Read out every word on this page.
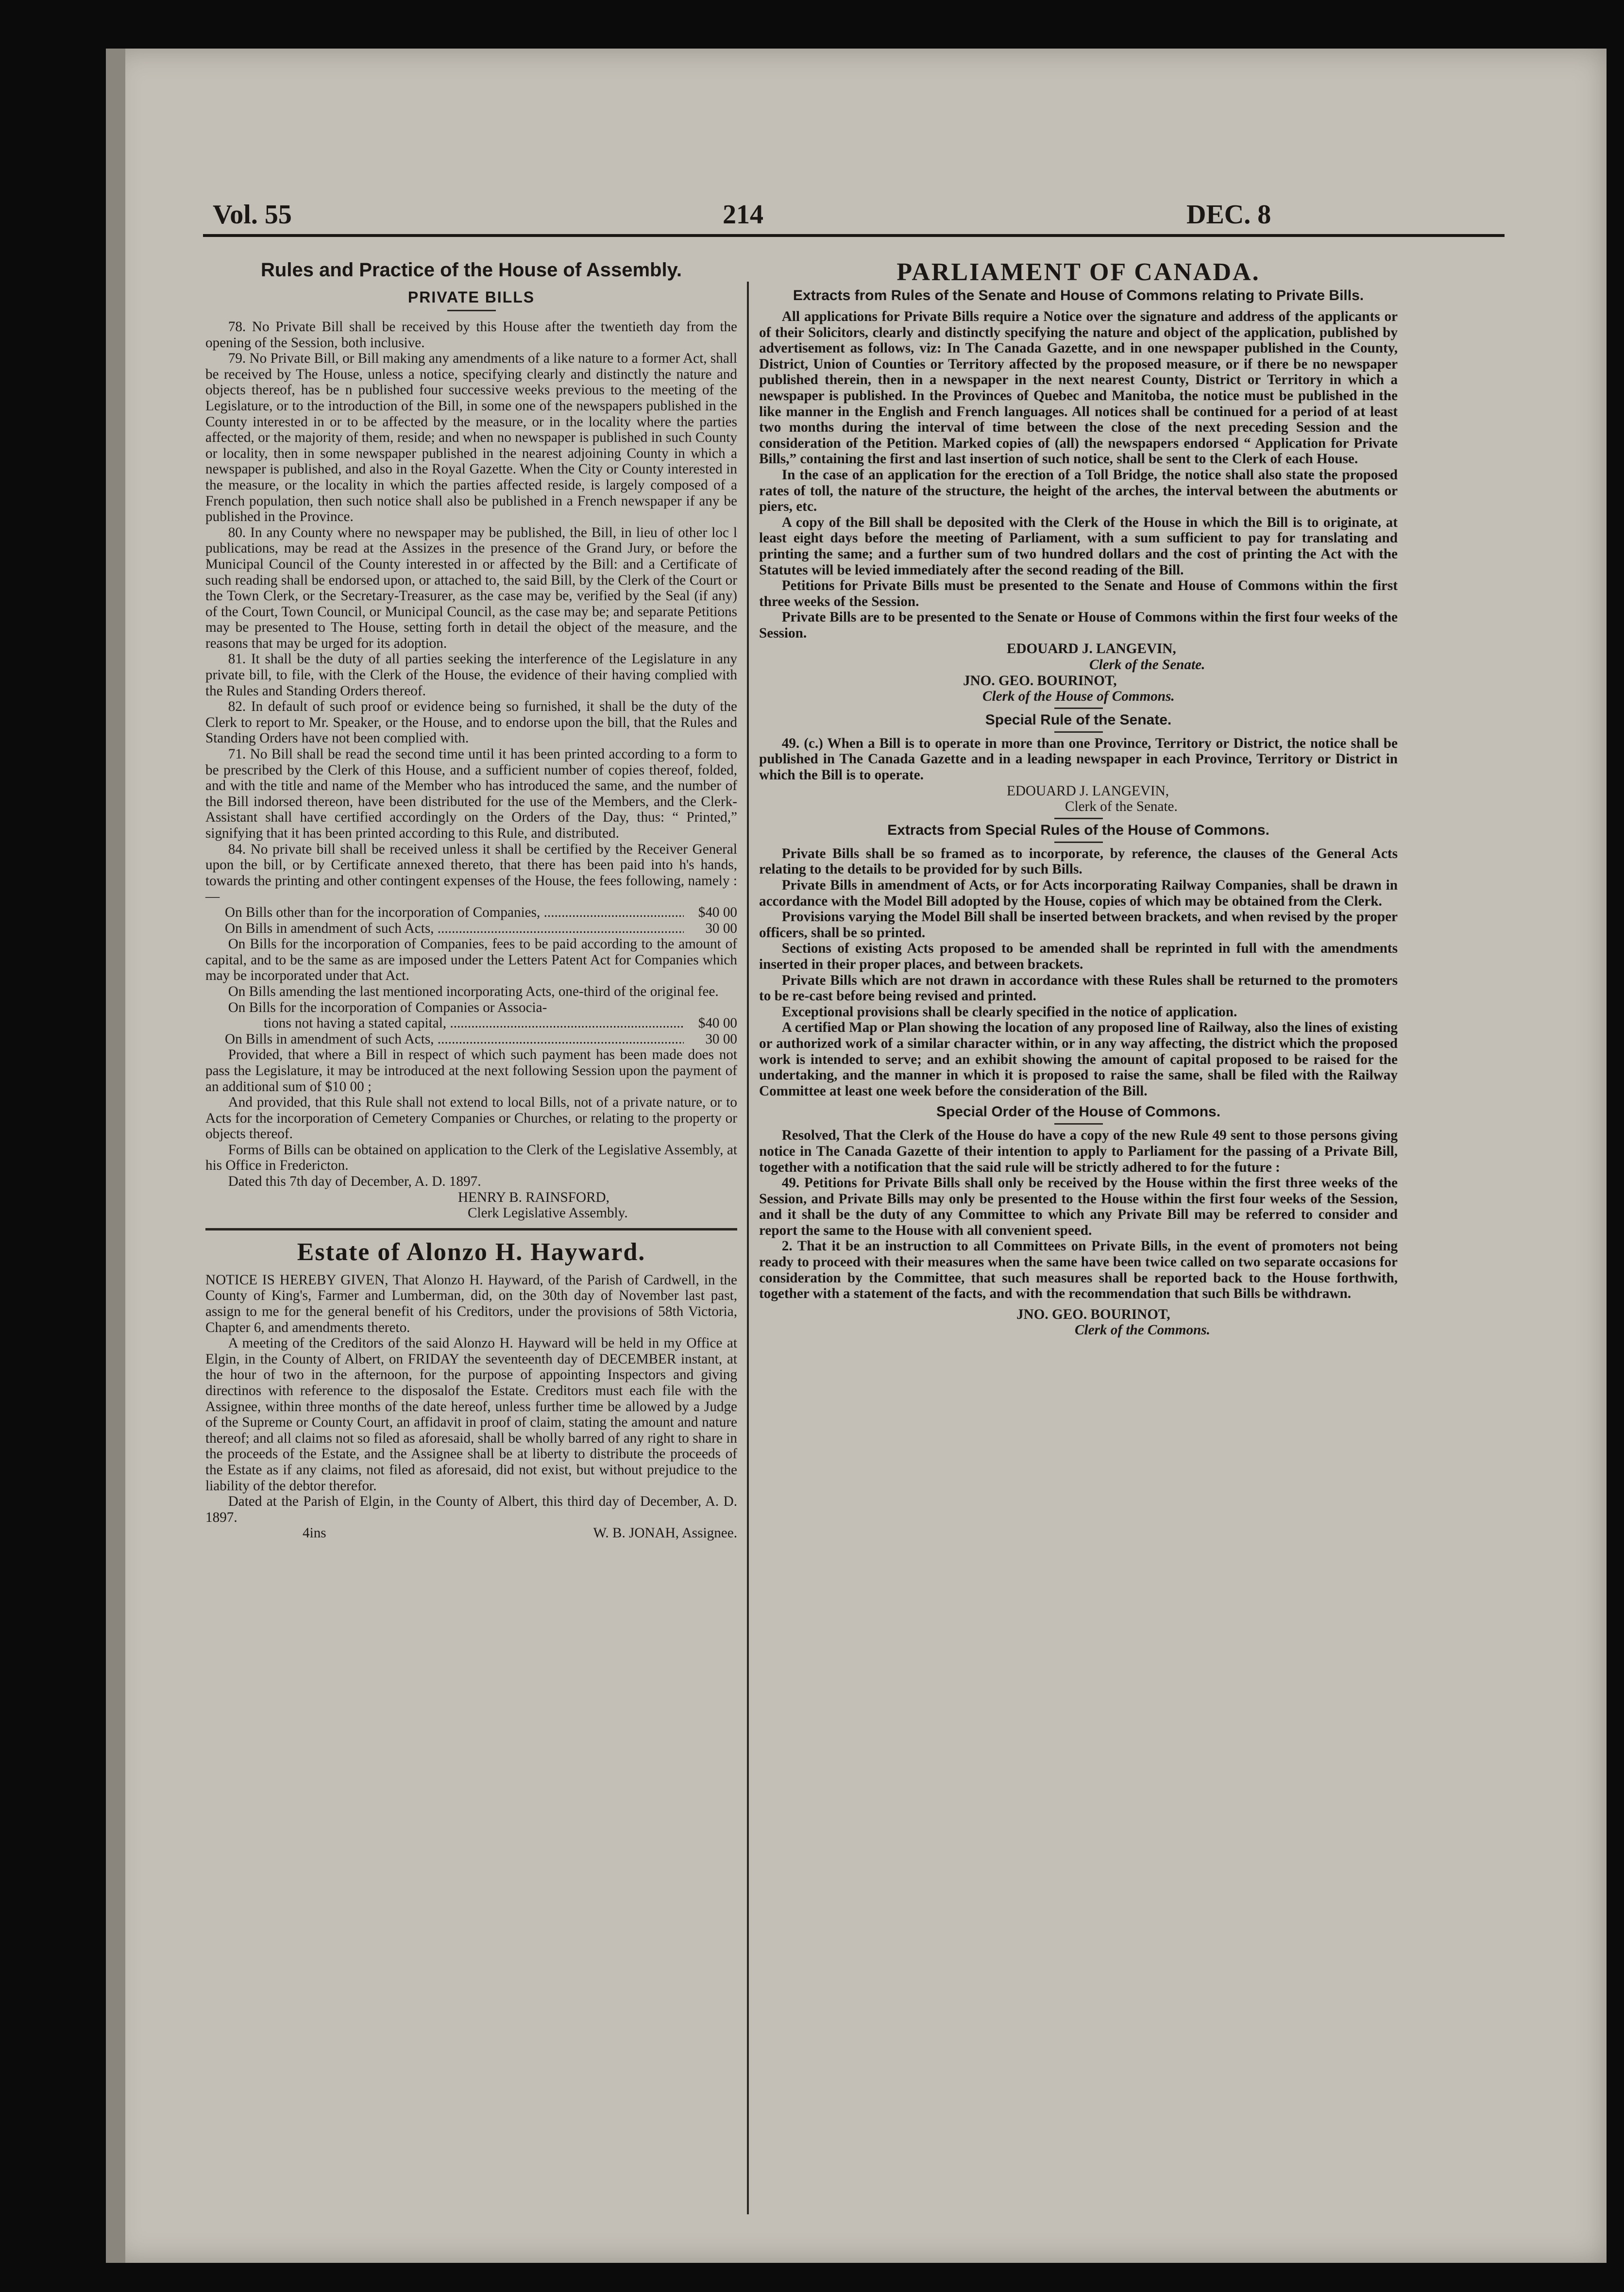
Vol. 55	214	DEC. 8
Rules and Practice of the House of Assembly.
PRIVATE BILLS

78. No Private Bill shall be received by this House after the twentieth day from the opening of the Session, both inclusive.

79. No Private Bill, or Bill making any amendments of a like nature to a former Act, shall be received by The House, unless a notice, specifying clearly and distinctly the nature and objects thereof, has be n published four successive weeks previous to the meeting of the Legislature, or to the introduction of the Bill, in some one of the newspapers published in the County interested in or to be affected by the measure, or in the locality where the parties affected, or the majority of them, reside; and when no newspaper is published in such County or locality, then in some newspaper published in the nearest adjoining County in which a newspaper is published, and also in the Royal Gazette. When the City or County interested in the measure, or the locality in which the parties affected reside, is largely composed of a French population, then such notice shall also be published in a French newspaper if any be published in the Province.

80. In any County where no newspaper may be published, the Bill, in lieu of other loc l publications, may be read at the Assizes in the presence of the Grand Jury, or before the Municipal Council of the County interested in or affected by the Bill: and a Certificate of such reading shall be endorsed upon, or attached to, the said Bill, by the Clerk of the Court or the Town Clerk, or the Secretary-Treasurer, as the case may be, verified by the Seal (if any) of the Court, Town Council, or Municipal Council, as the case may be; and separate Petitions may be presented to The House, setting forth in detail the object of the measure, and the reasons that may be urged for its adoption.

81. It shall be the duty of all parties seeking the interference of the Legislature in any private bill, to file, with the Clerk of the House, the evidence of their having complied with the Rules and Standing Orders thereof.

82. In default of such proof or evidence being so furnished, it shall be the duty of the Clerk to report to Mr. Speaker, or the House, and to endorse upon the bill, that the Rules and Standing Orders have not been complied with.

71. No Bill shall be read the second time until it has been printed according to a form to be prescribed by the Clerk of this House, and a sufficient number of copies thereof, folded, and with the title and name of the Member who has introduced the same, and the number of the Bill indorsed thereon, have been distributed for the use of the Members, and the Clerk-Assistant shall have certified accordingly on the Orders of the Day, thus: “ Printed,” signifying that it has been printed according to this Rule, and distributed.

84. No private bill shall be received unless it shall be certified by the Receiver General upon the bill, or by Certificate annexed thereto, that there has been paid into h's hands, towards the printing and other contingent expenses of the House, the fees following, namely :—

On Bills other than for the incorporation of Companies, .....	$40 00
On Bills in amendment of such Acts, .....	30 00

On Bills for the incorporation of Companies, fees to be paid according to the amount of capital, and to be the same as are imposed under the Letters Patent Act for Companies which may be incorporated under that Act.

On Bills amending the last mentioned incorporating Acts, one-third of the original fee.

On Bills for the incorporation of Companies or Associa-

tions not having a stated capital, .....	$40 00
On Bills in amendment of such Acts, .....	30 00

Provided, that where a Bill in respect of which such payment has been made does not pass the Legislature, it may be introduced at the next following Session upon the payment of an additional sum of $10 00 ;

And provided, that this Rule shall not extend to local Bills, not of a private nature, or to Acts for the incorporation of Cemetery Companies or Churches, or relating to the property or objects thereof.

Forms of Bills can be obtained on application to the Clerk of the Legislative Assembly, at his Office in Fredericton.

Dated this 7th day of December, A. D. 1897.

HENRY B. RAINSFORD,
Clerk Legislative Assembly.
Estate of Alonzo H. Hayward.

NOTICE IS HEREBY GIVEN, That Alonzo H. Hayward, of the Parish of Cardwell, in the County of King's, Farmer and Lumberman, did, on the 30th day of November last past, assign to me for the general benefit of his Creditors, under the provisions of 58th Victoria, Chapter 6, and amendments thereto.

A meeting of the Creditors of the said Alonzo H. Hayward will be held in my Office at Elgin, in the County of Albert, on FRIDAY the seventeenth day of DECEMBER instant, at the hour of two in the afternoon, for the purpose of appointing Inspectors and giving directinos with reference to the disposalof the Estate. Creditors must each file with the Assignee, within three months of the date hereof, unless further time be allowed by a Judge of the Supreme or County Court, an affidavit in proof of claim, stating the amount and nature thereof; and all claims not so filed as aforesaid, shall be wholly barred of any right to share in the proceeds of the Estate, and the Assignee shall be at liberty to distribute the proceeds of the Estate as if any claims, not filed as aforesaid, did not exist, but without prejudice to the liability of the debtor therefor.

Dated at the Parish of Elgin, in the County of Albert, this third day of December, A. D. 1897.

4ins	W. B. JONAH, Assignee.
PARLIAMENT OF CANADA.
Extracts from Rules of the Senate and House of Commons relating to Private Bills.

All applications for Private Bills require a Notice over the signature and address of the applicants or of their Solicitors, clearly and distinctly specifying the nature and object of the application, published by advertisement as follows, viz: In The Canada Gazette, and in one newspaper published in the County, District, Union of Counties or Territory affected by the proposed measure, or if there be no newspaper published therein, then in a newspaper in the next nearest County, District or Territory in which a newspaper is published. In the Provinces of Quebec and Manitoba, the notice must be published in the like manner in the English and French languages. All notices shall be continued for a period of at least two months during the interval of time between the close of the next preceding Session and the consideration of the Petition. Marked copies of (all) the newspapers endorsed “ Application for Private Bills,” containing the first and last insertion of such notice, shall be sent to the Clerk of each House.

In the case of an application for the erection of a Toll Bridge, the notice shall also state the proposed rates of toll, the nature of the structure, the height of the arches, the interval between the abutments or piers, etc.

A copy of the Bill shall be deposited with the Clerk of the House in which the Bill is to originate, at least eight days before the meeting of Parliament, with a sum sufficient to pay for translating and printing the same; and a further sum of two hundred dollars and the cost of printing the Act with the Statutes will be levied immediately after the second reading of the Bill.

Petitions for Private Bills must be presented to the Senate and House of Commons within the first three weeks of the Session.

Private Bills are to be presented to the Senate or House of Commons within the first four weeks of the Session.

EDOUARD J. LANGEVIN,
Clerk of the Senate.
JNO. GEO. BOURINOT,
Clerk of the House of Commons.
Special Rule of the Senate.

49. (c.) When a Bill is to operate in more than one Province, Territory or District, the notice shall be published in The Canada Gazette and in a leading newspaper in each Province, Territory or District in which the Bill is to operate.

EDOUARD J. LANGEVIN,
Clerk of the Senate.
Extracts from Special Rules of the House of Commons.

Private Bills shall be so framed as to incorporate, by reference, the clauses of the General Acts relating to the details to be provided for by such Bills.

Private Bills in amendment of Acts, or for Acts incorporating Railway Companies, shall be drawn in accordance with the Model Bill adopted by the House, copies of which may be obtained from the Clerk.

Provisions varying the Model Bill shall be inserted between brackets, and when revised by the proper officers, shall be so printed.

Sections of existing Acts proposed to be amended shall be reprinted in full with the amendments inserted in their proper places, and between brackets.

Private Bills which are not drawn in accordance with these Rules shall be returned to the promoters to be re-cast before being revised and printed.

Exceptional provisions shall be clearly specified in the notice of application.

A certified Map or Plan showing the location of any proposed line of Railway, also the lines of existing or authorized work of a similar character within, or in any way affecting, the district which the proposed work is intended to serve; and an exhibit showing the amount of capital proposed to be raised for the undertaking, and the manner in which it is proposed to raise the same, shall be filed with the Railway Committee at least one week before the consideration of the Bill.

Special Order of the House of Commons.

Resolved, That the Clerk of the House do have a copy of the new Rule 49 sent to those persons giving notice in The Canada Gazette of their intention to apply to Parliament for the passing of a Private Bill, together with a notification that the said rule will be strictly adhered to for the future :

49. Petitions for Private Bills shall only be received by the House within the first three weeks of the Session, and Private Bills may only be presented to the House within the first four weeks of the Session, and it shall be the duty of any Committee to which any Private Bill may be referred to consider and report the same to the House with all convenient speed.

2. That it be an instruction to all Committees on Private Bills, in the event of promoters not being ready to proceed with their measures when the same have been twice called on two separate occasions for consideration by the Committee, that such measures shall be reported back to the House forthwith, together with a statement of the facts, and with the recommendation that such Bills be withdrawn.

JNO. GEO. BOURINOT,
Clerk of the Commons.
